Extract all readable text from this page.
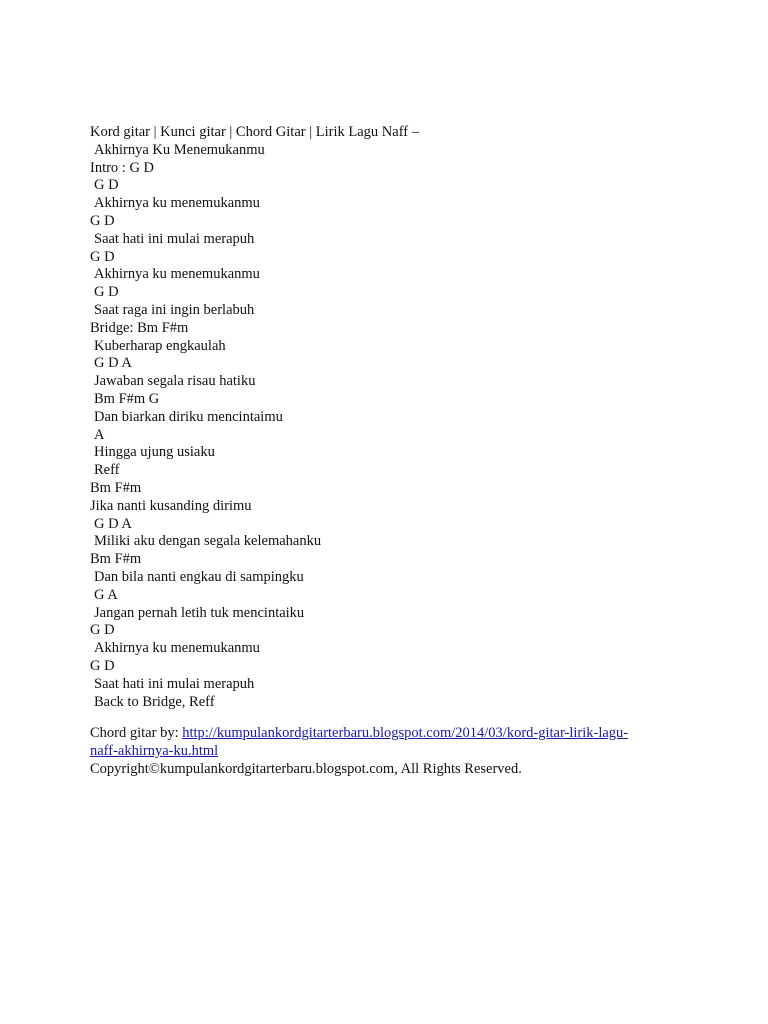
Kord gitar | Kunci gitar | Chord Gitar | Lirik Lagu Naff –
Akhirnya Ku Menemukanmu
Intro : G D
G D
Akhirnya ku menemukanmu
G D
Saat hati ini mulai merapuh
G D
Akhirnya ku menemukanmu
G D
Saat raga ini ingin berlabuh
Bridge: Bm F#m
Kuberharap engkaulah
G D A
Jawaban segala risau hatiku
Bm F#m G
Dan biarkan diriku mencintaimu
A
Hingga ujung usiaku
Reff
Bm F#m
Jika nanti kusanding dirimu
G D A
Miliki aku dengan segala kelemahanku
Bm F#m
Dan bila nanti engkau di sampingku
G A
Jangan pernah letih tuk mencintaiku
G D
Akhirnya ku menemukanmu
G D
Saat hati ini mulai merapuh
Back to Bridge, Reff
Chord gitar by: http://kumpulankordgitarterbaru.blogspot.com/2014/03/kord-gitar-lirik-lagu-
naff-akhirnya-ku.html
Copyright©kumpulankordgitarterbaru.blogspot.com, All Rights Reserved.
